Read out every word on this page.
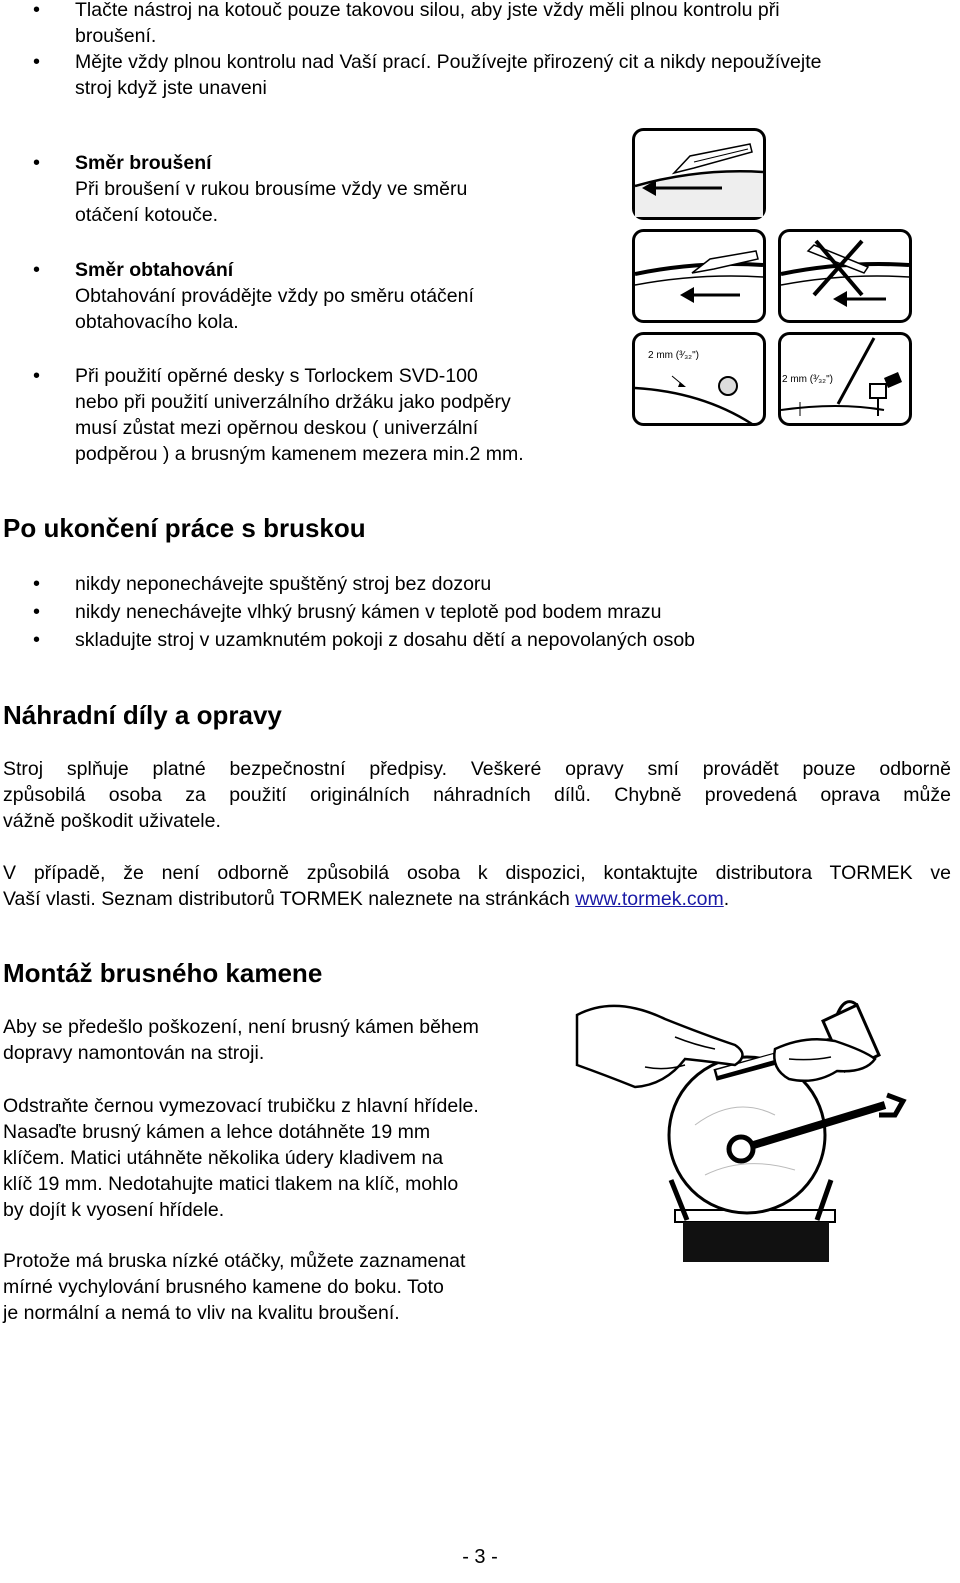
• Tlačte nástroj na kotouč pouze takovou silou, aby jste vždy měli plnou kontrolu při
broušení.
• Mějte vždy plnou kontrolu nad Vaší prací. Používejte přirozený cit a nikdy nepoužívejte
stroj když jste unaveni
• Směr broušení
Při broušení v rukou brousíme vždy ve směru
otáčení kotouče.
• Směr obtahování
Obtahování provádějte vždy po směru otáčení
obtahovacího kola.
• Při použití opěrné desky s Torlockem SVD-100
nebo při použití univerzálního držáku jako podpěry
musí zůstat mezi opěrnou deskou ( univerzální
podpěrou ) a brusným kamenem mezera min.2 mm.
2 mm (³⁄₃₂")
2 mm (³⁄₃₂")
Po ukončení práce s bruskou
• nikdy neponechávejte spuštěný stroj bez dozoru
• nikdy nenechávejte vlhký brusný kámen v teplotě pod bodem mrazu
• skladujte stroj v uzamknutém pokoji z dosahu dětí a nepovolaných osob
Náhradní díly a opravy
Stroj splňuje platné bezpečnostní předpisy. Veškeré opravy smí provádět pouze odborně
způsobilá osoba za použití originálních náhradních dílů. Chybně provedená oprava může
vážně poškodit uživatele.
V případě, že není odborně způsobilá osoba k dispozici, kontaktujte distributora TORMEK ve
Vaší vlasti. Seznam distributorů TORMEK naleznete na stránkách www.tormek.com.
Montáž brusného kamene
Aby se předešlo poškození, není brusný kámen během
dopravy namontován na stroji.
Odstraňte černou vymezovací trubičku z hlavní hřídele.
Nasaďte brusný kámen a lehce dotáhněte 19 mm
klíčem. Matici utáhněte několika údery kladivem na
klíč 19 mm. Nedotahujte matici tlakem na klíč, mohlo
by dojít k vyosení hřídele.
Protože má bruska nízké otáčky, můžete zaznamenat
mírné vychylování brusného kamene do boku. Toto
je normální a nemá to vliv na kvalitu broušení.
- 3 -
